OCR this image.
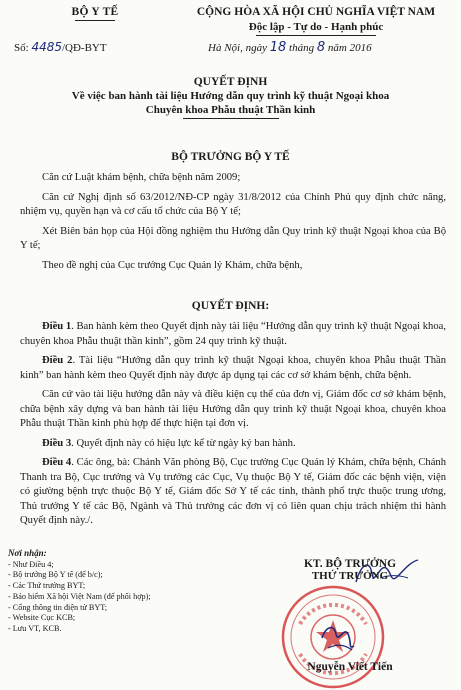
BỘ Y TẾ
Số: 4485/QĐ-BYT
CỘNG HÒA XÃ HỘI CHỦ NGHĨA VIỆT NAM
Độc lập - Tự do - Hạnh phúc
Hà Nội, ngày 18 tháng 8 năm 2016
QUYẾT ĐỊNH
Về việc ban hành tài liệu Hướng dẫn quy trình kỹ thuật Ngoại khoa
Chuyên khoa Phẫu thuật Thần kinh
BỘ TRƯỞNG BỘ Y TẾ

Căn cứ Luật khám bệnh, chữa bệnh năm 2009;

Căn cứ Nghị định số 63/2012/NĐ-CP ngày 31/8/2012 của Chính Phủ quy định chức năng, nhiệm vụ, quyền hạn và cơ cấu tổ chức của Bộ Y tế;

Xét Biên bản họp của Hội đồng nghiệm thu Hướng dẫn Quy trình kỹ thuật Ngoại khoa của Bộ Y tế;

Theo đề nghị của Cục trưởng Cục Quản lý Khám, chữa bệnh,

QUYẾT ĐỊNH:

Điều 1. Ban hành kèm theo Quyết định này tài liệu “Hướng dẫn quy trình kỹ thuật Ngoại khoa, chuyên khoa Phẫu thuật thần kinh”, gồm 24 quy trình kỹ thuật.

Điều 2. Tài liệu “Hướng dẫn quy trình kỹ thuật Ngoại khoa, chuyên khoa Phẫu thuật Thần kinh” ban hành kèm theo Quyết định này được áp dụng tại các cơ sở khám bệnh, chữa bệnh.

Căn cứ vào tài liệu hướng dẫn này và điều kiện cụ thể của đơn vị, Giám đốc cơ sở khám bệnh, chữa bệnh xây dựng và ban hành tài liệu Hướng dẫn quy trình kỹ thuật Ngoại khoa, chuyên khoa Phẫu thuật Thần kinh phù hợp để thực hiện tại đơn vị.

Điều 3. Quyết định này có hiệu lực kể từ ngày ký ban hành.

Điều 4. Các ông, bà: Chánh Văn phòng Bộ, Cục trưởng Cục Quản lý Khám, chữa bệnh, Chánh Thanh tra Bộ, Cục trưởng và Vụ trưởng các Cục, Vụ thuộc Bộ Y tế, Giám đốc các bệnh viện, viện có giường bệnh trực thuộc Bộ Y tế, Giám đốc Sở Y tế các tỉnh, thành phố trực thuộc trung ương, Thủ trưởng Y tế các Bộ, Ngành và Thủ trưởng các đơn vị có liên quan chịu trách nhiệm thi hành Quyết định này./.

Nơi nhận:
- Như Điều 4;
- Bộ trưởng Bộ Y tế (để b/c);
- Các Thứ trưởng BYT;
- Bảo hiểm Xã hội Việt Nam (để phối hợp);
- Cổng thông tin điện tử BYT;
- Website Cục KCB;
- Lưu VT, KCB.
KT. BỘ TRƯỞNG
THỨ TRƯỞNG
Nguyễn Viết Tiến
